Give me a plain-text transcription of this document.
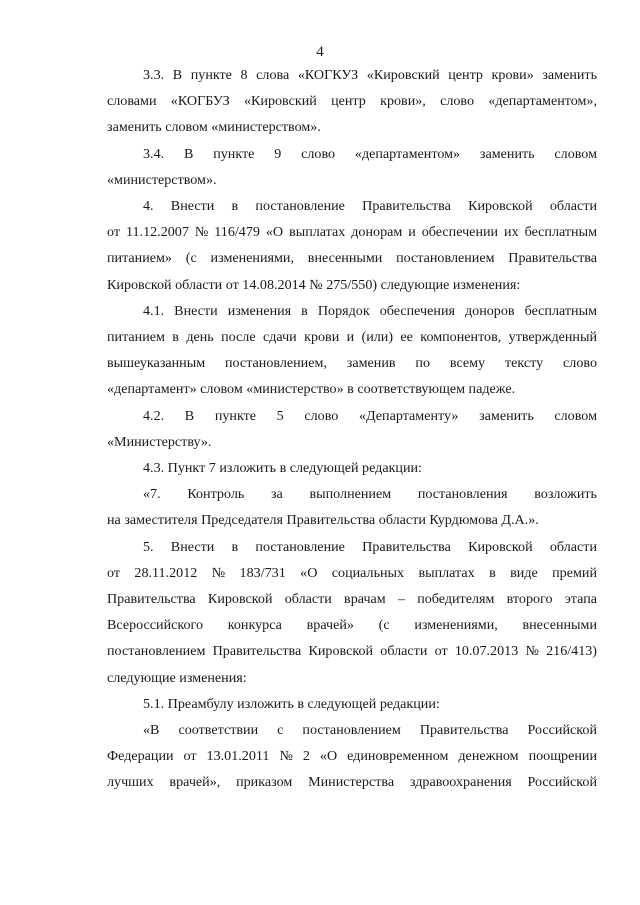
4

3.3. В пункте 8 слова «КОГКУЗ «Кировский центр крови» заменить
словами «КОГБУЗ «Кировский центр крови», слово «департаментом»,
заменить словом «министерством».

3.4. В пункте 9 слово «департаментом» заменить словом
«министерством».

4. Внести в постановление Правительства Кировской области
от 11.12.2007 № 116/479 «О выплатах донорам и обеспечении их бесплатным
питанием» (с изменениями, внесенными постановлением Правительства
Кировской области от 14.08.2014 № 275/550) следующие изменения:

4.1. Внести изменения в Порядок обеспечения доноров бесплатным
питанием в день после сдачи крови и (или) ее компонентов, утвержденный
вышеуказанным постановлением, заменив по всему тексту слово
«департамент» словом «министерство» в соответствующем падеже.

4.2. В пункте 5 слово «Департаменту» заменить словом
«Министерству».

4.3. Пункт 7 изложить в следующей редакции:

«7. Контроль за выполнением постановления возложить
на заместителя Председателя Правительства области Курдюмова Д.А.».

5. Внести в постановление Правительства Кировской области
от 28.11.2012 № 183/731 «О социальных выплатах в виде премий
Правительства Кировской области врачам – победителям второго этапа
Всероссийского конкурса врачей» (с изменениями, внесенными
постановлением Правительства Кировской области от 10.07.2013 № 216/413)
следующие изменения:

5.1. Преамбулу изложить в следующей редакции:

«В соответствии с постановлением Правительства Российской
Федерации от 13.01.2011 № 2 «О единовременном денежном поощрении
лучших врачей», приказом Министерства здравоохранения Российской
